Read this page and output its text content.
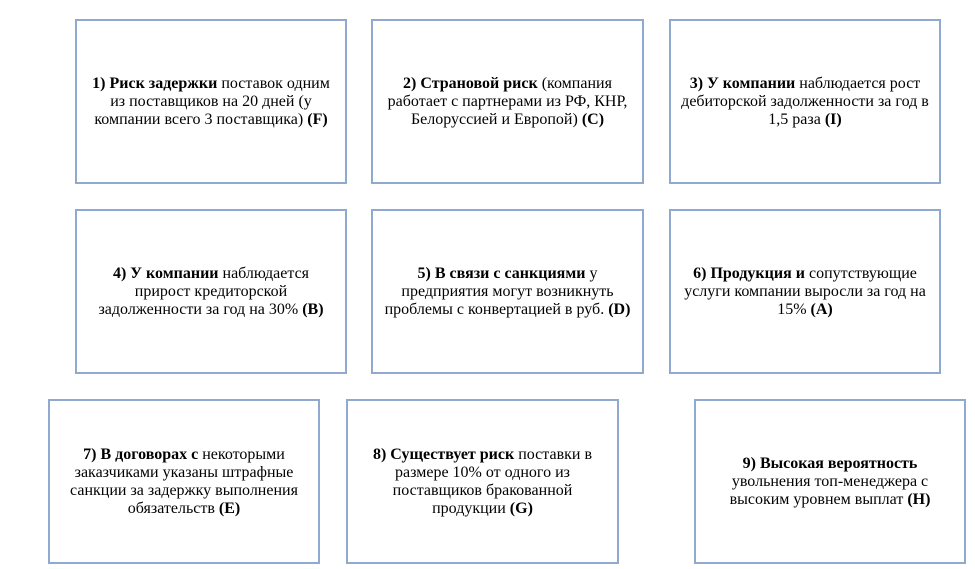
1) Риск задержки поставок одним из поставщиков на 20 дней (у компании всего 3 поставщика) (F)

2) Страновой риск (компания работает с партнерами из РФ, КНР, Белоруссией и Европой) (C)

3) У компании наблюдается рост дебиторской задолженности за год в 1,5 раза (I)

4) У компании наблюдается прирост кредиторской задолженности за год на 30% (B)

5) В связи с санкциями у предприятия могут возникнуть проблемы с конвертацией в руб. (D)

6) Продукция и сопутствующие услуги компании выросли за год на 15% (A)

7) В договорах с некоторыми заказчиками указаны штрафные санкции за задержку выполнения обязательств (E)

8) Существует риск поставки в размере 10% от одного из поставщиков бракованной продукции (G)

9) Высокая вероятность увольнения топ-менеджера с высоким уровнем выплат (H)
